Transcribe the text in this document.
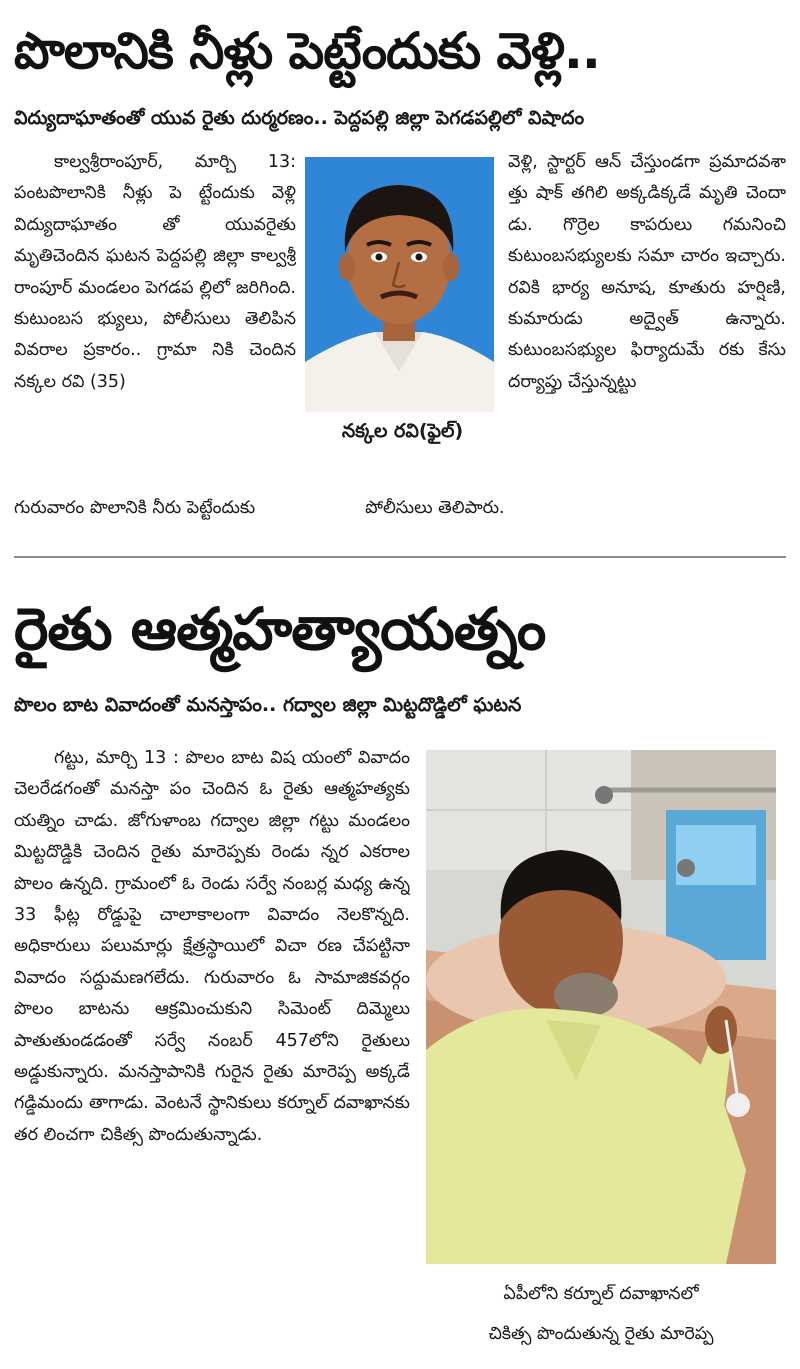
పొలానికి నీళ్లు పెట్టేందుకు వెళ్లి..
విద్యుదాఘాతంతో యువ రైతు దుర్మరణం.. పెద్దపల్లి జిల్లా పెగడపల్లిలో విషాదం

కాల్వశ్రీరాంపూర్, మార్చి 13: పంటపొలానికి నీళ్లు పె ట్టేందుకు వెళ్లి విద్యుదాఘాతం తో యువరైతు మృతిచెందిన ఘటన పెద్దపల్లి జిల్లా కాల్వశ్రీ రాంపూర్ మండలం పెగడప ల్లిలో జరిగింది. కుటుంబస భ్యులు, పోలీసులు తెలిపిన వివరాల ప్రకారం.. గ్రామా నికి చెందిన నక్కల రవి (35)

నక్కల రవి(ఫైల్)

వెళ్లి, స్టార్టర్ ఆన్ చేస్తుండగా ప్రమాదవశా త్తు షాక్ తగిలి అక్కడిక్కడే మృతి చెందా డు. గొర్రెల కాపరులు గమనించి కుటుంబసభ్యులకు సమా చారం ఇచ్చారు. రవికి భార్య అనూష, కూతురు హర్షిణి, కుమారుడు అద్వైత్ ఉన్నారు. కుటుంబసభ్యుల ఫిర్యాదుమే రకు కేసు దర్యాప్తు చేస్తున్నట్టు

గురువారం పొలానికి నీరు పెట్టేందుకు	పోలీసులు తెలిపారు.
రైతు ఆత్మహత్యాయత్నం
పొలం బాట వివాదంతో మనస్తాపం.. గద్వాల జిల్లా మిట్టదొడ్డిలో ఘటన

గట్టు, మార్చి 13 : పొలం బాట విష యంలో వివాదం చెలరేడగంతో మనస్తా పం చెందిన ఓ రైతు ఆత్మహత్యకు యత్నిం చాడు. జోగుళాంబ గద్వాల జిల్లా గట్టు మండలం మిట్టదొడ్డికి చెందిన రైతు మారెప్పకు రెండు న్నర ఎకరాల పొలం ఉన్నది. గ్రామంలో ఓ రెండు సర్వే నంబర్ల మధ్య ఉన్న 33 ఫీట్ల రోడ్డుపై చాలాకాలంగా వివాదం నెలకొన్నది. అధికారులు పలుమార్లు క్షేత్రస్థాయిలో విచా రణ చేపట్టినా వివాదం సద్దుమణగలేదు. గురువారం ఓ సామాజికవర్గం పొలం బాటను ఆక్రమించుకుని సిమెంట్ దిమ్మెలు పాతుతుండడంతో సర్వే నంబర్ 457లోని రైతులు అడ్డుకున్నారు. మనస్తాపానికి గురైన రైతు మారెప్ప అక్కడే గడ్డిమందు తాగాడు. వెంటనే స్థానికులు కర్నూల్ దవాఖానకు తర లించగా చికిత్స పొందుతున్నాడు.

ఏపీలోని కర్నూల్ దవాఖానలో
చికిత్స పొందుతున్న రైతు మారెప్ప
